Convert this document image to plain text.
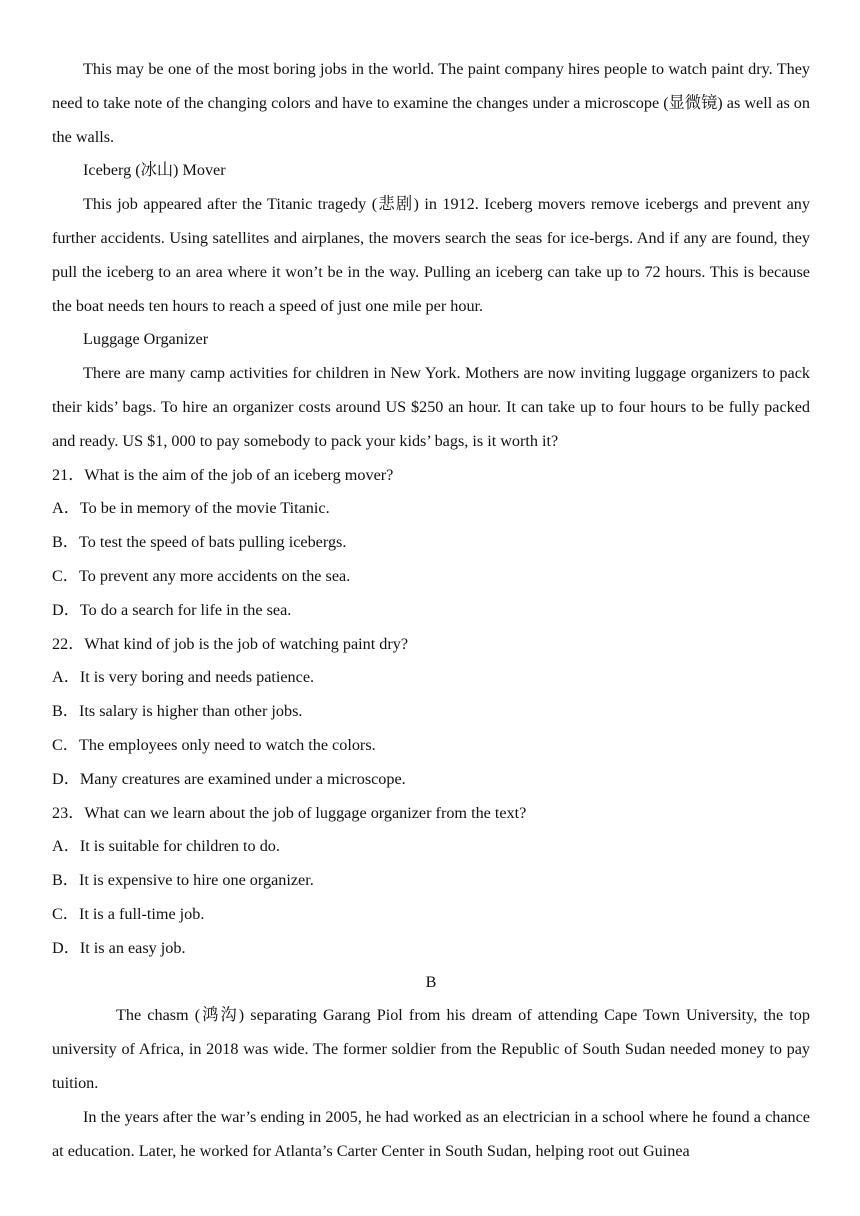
This may be one of the most boring jobs in the world. The paint company hires people to watch paint dry. They need to take note of the changing colors and have to examine the changes under a microscope (显微镜) as well as on the walls.

Iceberg (冰山) Mover

This job appeared after the Titanic tragedy (悲剧) in 1912. Iceberg movers remove icebergs and prevent any further accidents. Using satellites and airplanes, the movers search the seas for ice-bergs. And if any are found, they pull the iceberg to an area where it won’t be in the way. Pulling an iceberg can take up to 72 hours. This is because the boat needs ten hours to reach a speed of just one mile per hour.

Luggage Organizer

There are many camp activities for children in New York. Mothers are now inviting luggage organizers to pack their kids’ bags. To hire an organizer costs around US $250 an hour. It can take up to four hours to be fully packed and ready. US $1, 000 to pay somebody to pack your kids’ bags, is it worth it?

21．What is the aim of the job of an iceberg mover?
A．To be in memory of the movie Titanic.
B．To test the speed of bats pulling icebergs.
C．To prevent any more accidents on the sea.
D．To do a search for life in the sea.
22．What kind of job is the job of watching paint dry?
A．It is very boring and needs patience.
B．Its salary is higher than other jobs.
C．The employees only need to watch the colors.
D．Many creatures are examined under a microscope.
23．What can we learn about the job of luggage organizer from the text?
A．It is suitable for children to do.
B．It is expensive to hire one organizer.
C．It is a full-time job.
D．It is an easy job.
B

The chasm (鸿沟) separating Garang Piol from his dream of attending Cape Town University, the top university of Africa, in 2018 was wide. The former soldier from the Republic of South Sudan needed money to pay tuition.

In the years after the war’s ending in 2005, he had worked as an electrician in a school where he found a chance at education. Later, he worked for Atlanta’s Carter Center in South Sudan, helping root out Guinea
